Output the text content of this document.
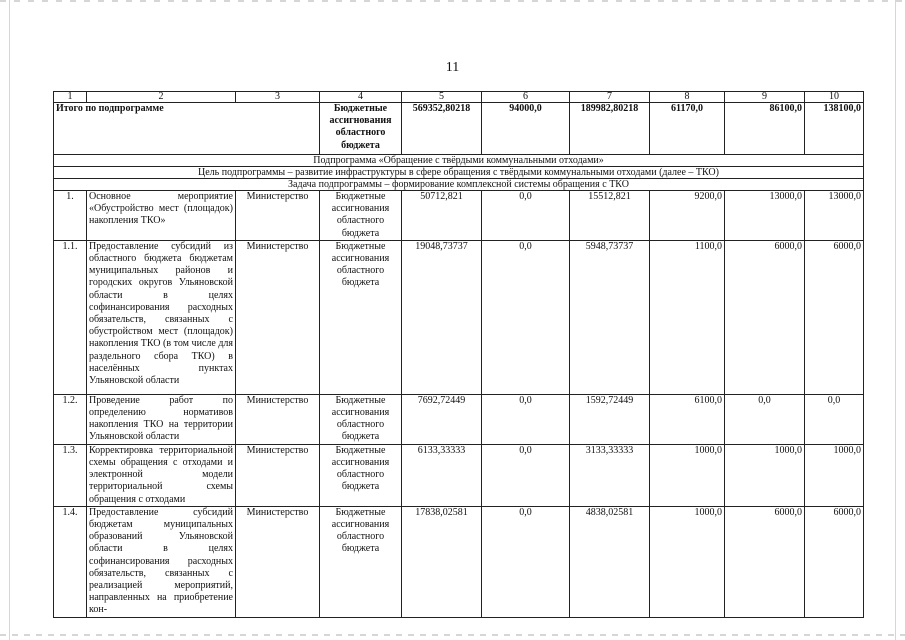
11
1	2	3	4	5	6	7	8	9	10
Итого по подпрограмме			Бюджетные ассигнования областного бюджета	569352,80218	94000,0	189982,80218	61170,0	86100,0	138100,0
Подпрограмма «Обращение с твёрдыми коммунальными отходами»									
Цель подпрограммы – развитие инфраструктуры в сфере обращения с твёрдыми коммунальными отходами (далее – ТКО)									
Задача подпрограммы – формирование комплексной системы обращения с ТКО									
1.	Основное мероприятие «Обустройство мест (площадок) накопления ТКО»	Министерство	Бюджетные ассигнования областного бюджета	50712,821	0,0	15512,821	9200,0	13000,0	13000,0
1.1.	Предоставление субсидий из областного бюджета бюджетам муниципальных районов и городских округов Ульяновской области в целях софинансирования расходных обязательств, связанных с обустройством мест (площадок) накопления ТКО (в том числе для раздельного сбора ТКО) в населённых пунктах Ульяновской области	Министерство	Бюджетные ассигнования областного бюджета	19048,73737	0,0	5948,73737	1100,0	6000,0	6000,0
1.2.	Проведение работ по определению нормативов накопления ТКО на территории Ульяновской области	Министерство	Бюджетные ассигнования областного бюджета	7692,72449	0,0	1592,72449	6100,0	0,0	0,0
1.3.	Корректировка территориальной схемы обращения с отходами и электронной модели территориальной схемы обращения с отходами	Министерство	Бюджетные ассигнования областного бюджета	6133,33333	0,0	3133,33333	1000,0	1000,0	1000,0
1.4.	Предоставление субсидий бюджетам муниципальных образований Ульяновской области в целях софинансирования расходных обязательств, связанных с реализацией мероприятий, направленных на приобретение кон-	Министерство	Бюджетные ассигнования областного бюджета	17838,02581	0,0	4838,02581	1000,0	6000,0	6000,0
